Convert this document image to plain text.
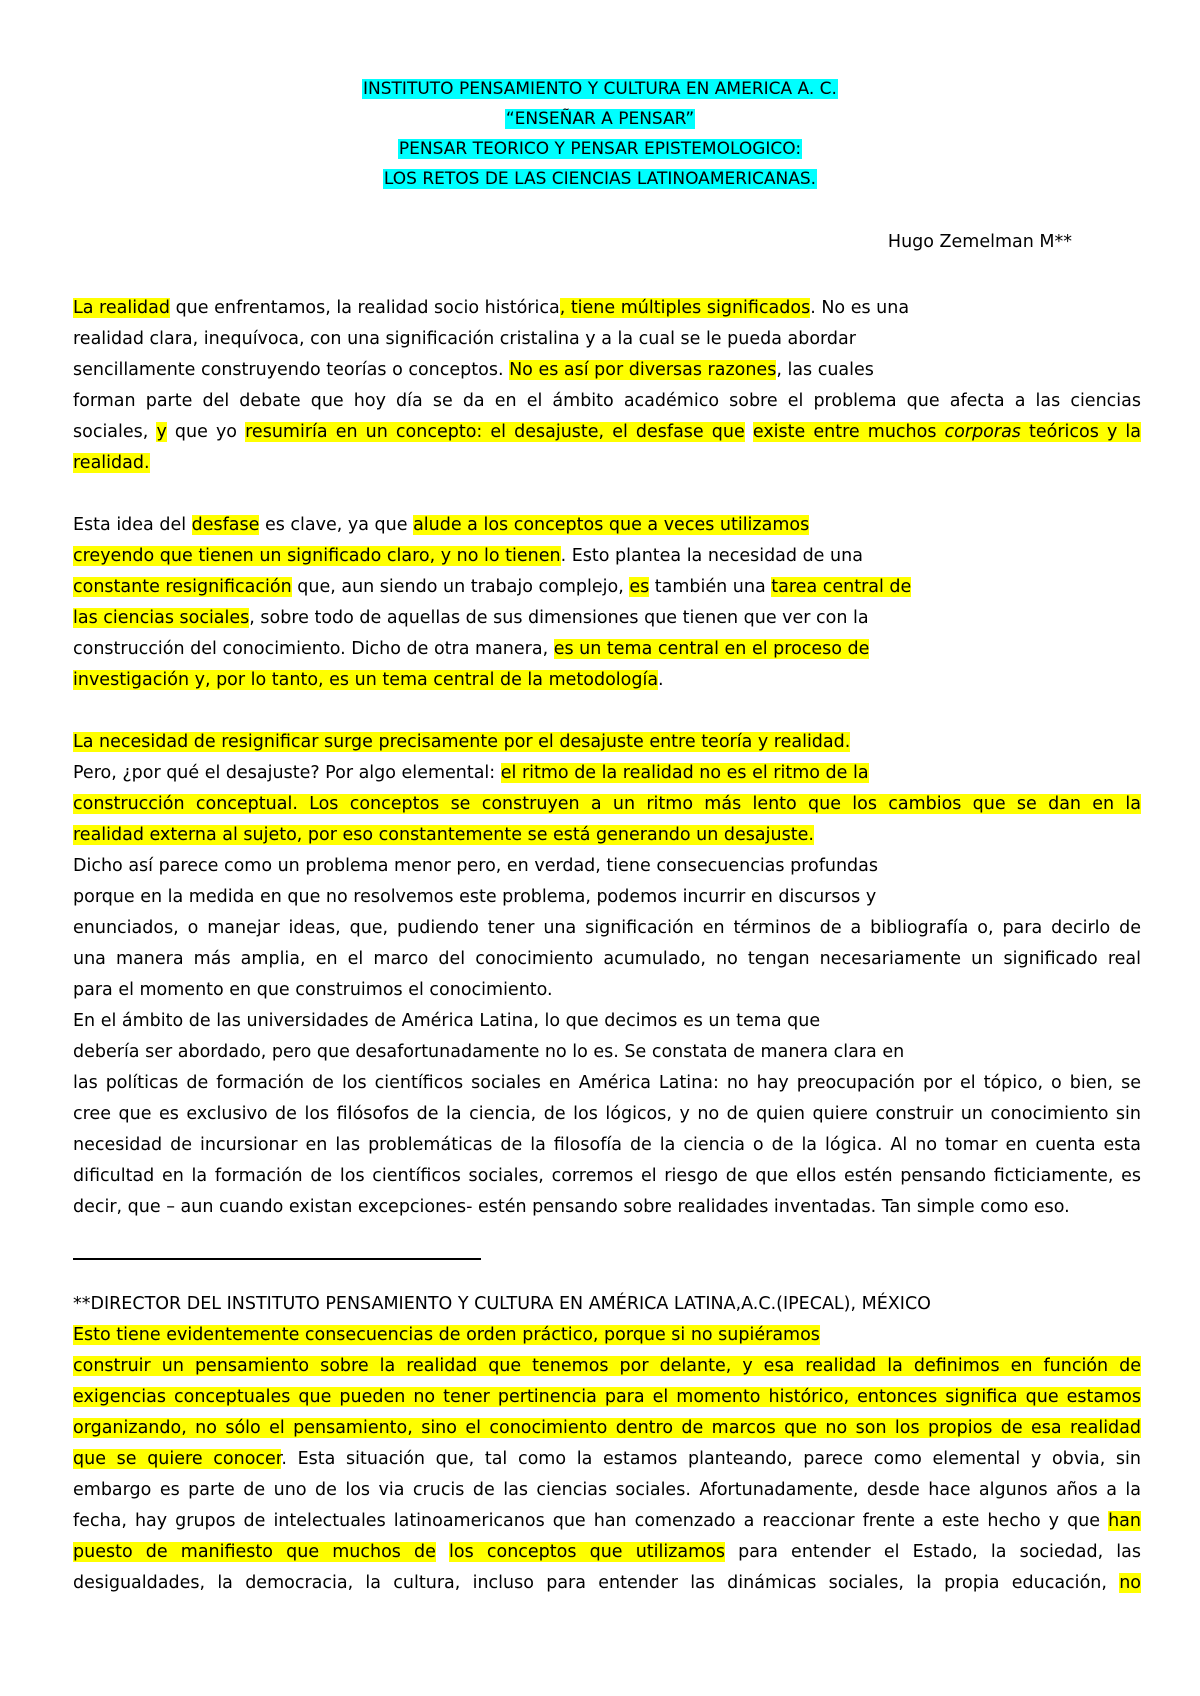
INSTITUTO PENSAMIENTO Y CULTURA EN AMERICA A. C.
“ENSEÑAR A PENSAR”
PENSAR TEORICO Y PENSAR EPISTEMOLOGICO:
LOS RETOS DE LAS CIENCIAS LATINOAMERICANAS.
Hugo Zemelman M**
La realidad que enfrentamos, la realidad socio histórica, tiene múltiples significados. No es una
realidad clara, inequívoca, con una significación cristalina y a la cual se le pueda abordar
sencillamente construyendo teorías o conceptos. No es así por diversas razones, las cuales
forman parte del debate que hoy día se da en el ámbito académico sobre el problema que afecta a las ciencias
sociales, y que yo resumiría en un concepto: el desajuste, el desfase que existe entre muchos corporas teóricos y la
realidad.
Esta idea del desfase es clave, ya que alude a los conceptos que a veces utilizamos
creyendo que tienen un significado claro, y no lo tienen. Esto plantea la necesidad de una
constante resignificación que, aun siendo un trabajo complejo, es también una tarea central de
las ciencias sociales, sobre todo de aquellas de sus dimensiones que tienen que ver con la
construcción del conocimiento. Dicho de otra manera, es un tema central en el proceso de
investigación y, por lo tanto, es un tema central de la metodología.
La necesidad de resignificar surge precisamente por el desajuste entre teoría y realidad.
Pero, ¿por qué el desajuste? Por algo elemental: el ritmo de la realidad no es el ritmo de la
construcción conceptual. Los conceptos se construyen a un ritmo más lento que los cambios que se dan en la
realidad externa al sujeto, por eso constantemente se está generando un desajuste.
Dicho así parece como un problema menor pero, en verdad, tiene consecuencias profundas
porque en la medida en que no resolvemos este problema, podemos incurrir en discursos y
enunciados, o manejar ideas, que, pudiendo tener una significación en términos de a bibliografía o, para decirlo de
una manera más amplia, en el marco del conocimiento acumulado, no tengan necesariamente un significado real
para el momento en que construimos el conocimiento.
En el ámbito de las universidades de América Latina, lo que decimos es un tema que
debería ser abordado, pero que desafortunadamente no lo es. Se constata de manera clara en
las políticas de formación de los científicos sociales en América Latina: no hay preocupación por el tópico, o bien, se
cree que es exclusivo de los filósofos de la ciencia, de los lógicos, y no de quien quiere construir un conocimiento sin
necesidad de incursionar en las problemáticas de la filosofía de la ciencia o de la lógica. Al no tomar en cuenta esta
dificultad en la formación de los científicos sociales, corremos el riesgo de que ellos estén pensando ficticiamente, es
decir, que – aun cuando existan excepciones- estén pensando sobre realidades inventadas. Tan simple como eso.
Esto tiene evidentemente consecuencias de orden práctico, porque si no supiéramos
construir un pensamiento sobre la realidad que tenemos por delante, y esa realidad la definimos en función de
exigencias conceptuales que pueden no tener pertinencia para el momento histórico, entonces significa que estamos
organizando, no sólo el pensamiento, sino el conocimiento dentro de marcos que no son los propios de esa realidad
que se quiere conocer. Esta situación que, tal como la estamos planteando, parece como elemental y obvia, sin
embargo es parte de uno de los via crucis de las ciencias sociales. Afortunadamente, desde hace algunos años a la
fecha, hay grupos de intelectuales latinoamericanos que han comenzado a reaccionar frente a este hecho y que han
puesto de manifiesto que muchos de los conceptos que utilizamos para entender el Estado, la sociedad, las
desigualdades, la democracia, la cultura, incluso para entender las dinámicas sociales, la propia educación, no
**DIRECTOR DEL INSTITUTO PENSAMIENTO Y CULTURA EN AMÉRICA LATINA,A.C.(IPECAL), MÉXICO
